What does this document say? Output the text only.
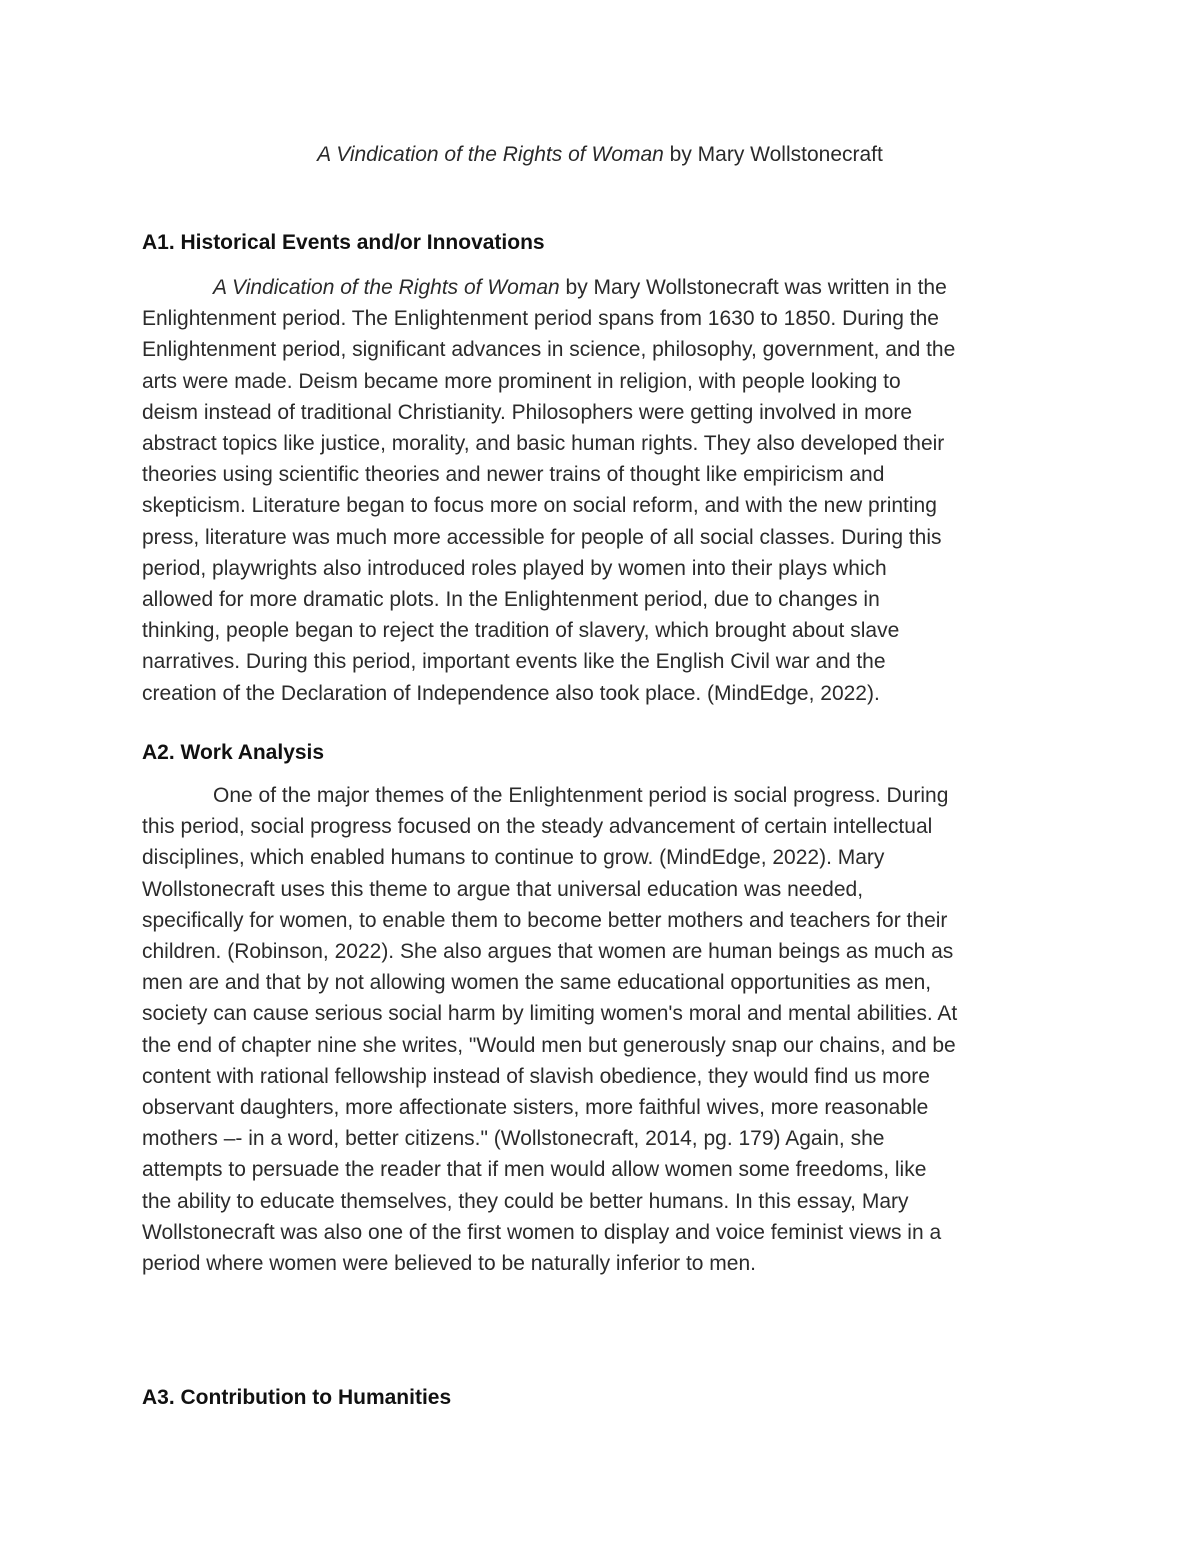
A Vindication of the Rights of Woman by Mary Wollstonecraft
A1. Historical Events and/or Innovations
A Vindication of the Rights of Woman by Mary Wollstonecraft was written in the
Enlightenment period. The Enlightenment period spans from 1630 to 1850. During the
Enlightenment period, significant advances in science, philosophy, government, and the
arts were made. Deism became more prominent in religion, with people looking to
deism instead of traditional Christianity. Philosophers were getting involved in more
abstract topics like justice, morality, and basic human rights. They also developed their
theories using scientific theories and newer trains of thought like empiricism and
skepticism. Literature began to focus more on social reform, and with the new printing
press, literature was much more accessible for people of all social classes. During this
period, playwrights also introduced roles played by women into their plays which
allowed for more dramatic plots. In the Enlightenment period, due to changes in
thinking, people began to reject the tradition of slavery, which brought about slave
narratives. During this period, important events like the English Civil war and the
creation of the Declaration of Independence also took place. (MindEdge, 2022).
A2. Work Analysis
One of the major themes of the Enlightenment period is social progress. During
this period, social progress focused on the steady advancement of certain intellectual
disciplines, which enabled humans to continue to grow. (MindEdge, 2022). Mary
Wollstonecraft uses this theme to argue that universal education was needed,
specifically for women, to enable them to become better mothers and teachers for their
children. (Robinson, 2022). She also argues that women are human beings as much as
men are and that by not allowing women the same educational opportunities as men,
society can cause serious social harm by limiting women's moral and mental abilities. At
the end of chapter nine she writes, "Would men but generously snap our chains, and be
content with rational fellowship instead of slavish obedience, they would find us more
observant daughters, more affectionate sisters, more faithful wives, more reasonable
mothers –- in a word, better citizens." (Wollstonecraft, 2014, pg. 179) Again, she
attempts to persuade the reader that if men would allow women some freedoms, like
the ability to educate themselves, they could be better humans. In this essay, Mary
Wollstonecraft was also one of the first women to display and voice feminist views in a
period where women were believed to be naturally inferior to men.
A3. Contribution to Humanities
